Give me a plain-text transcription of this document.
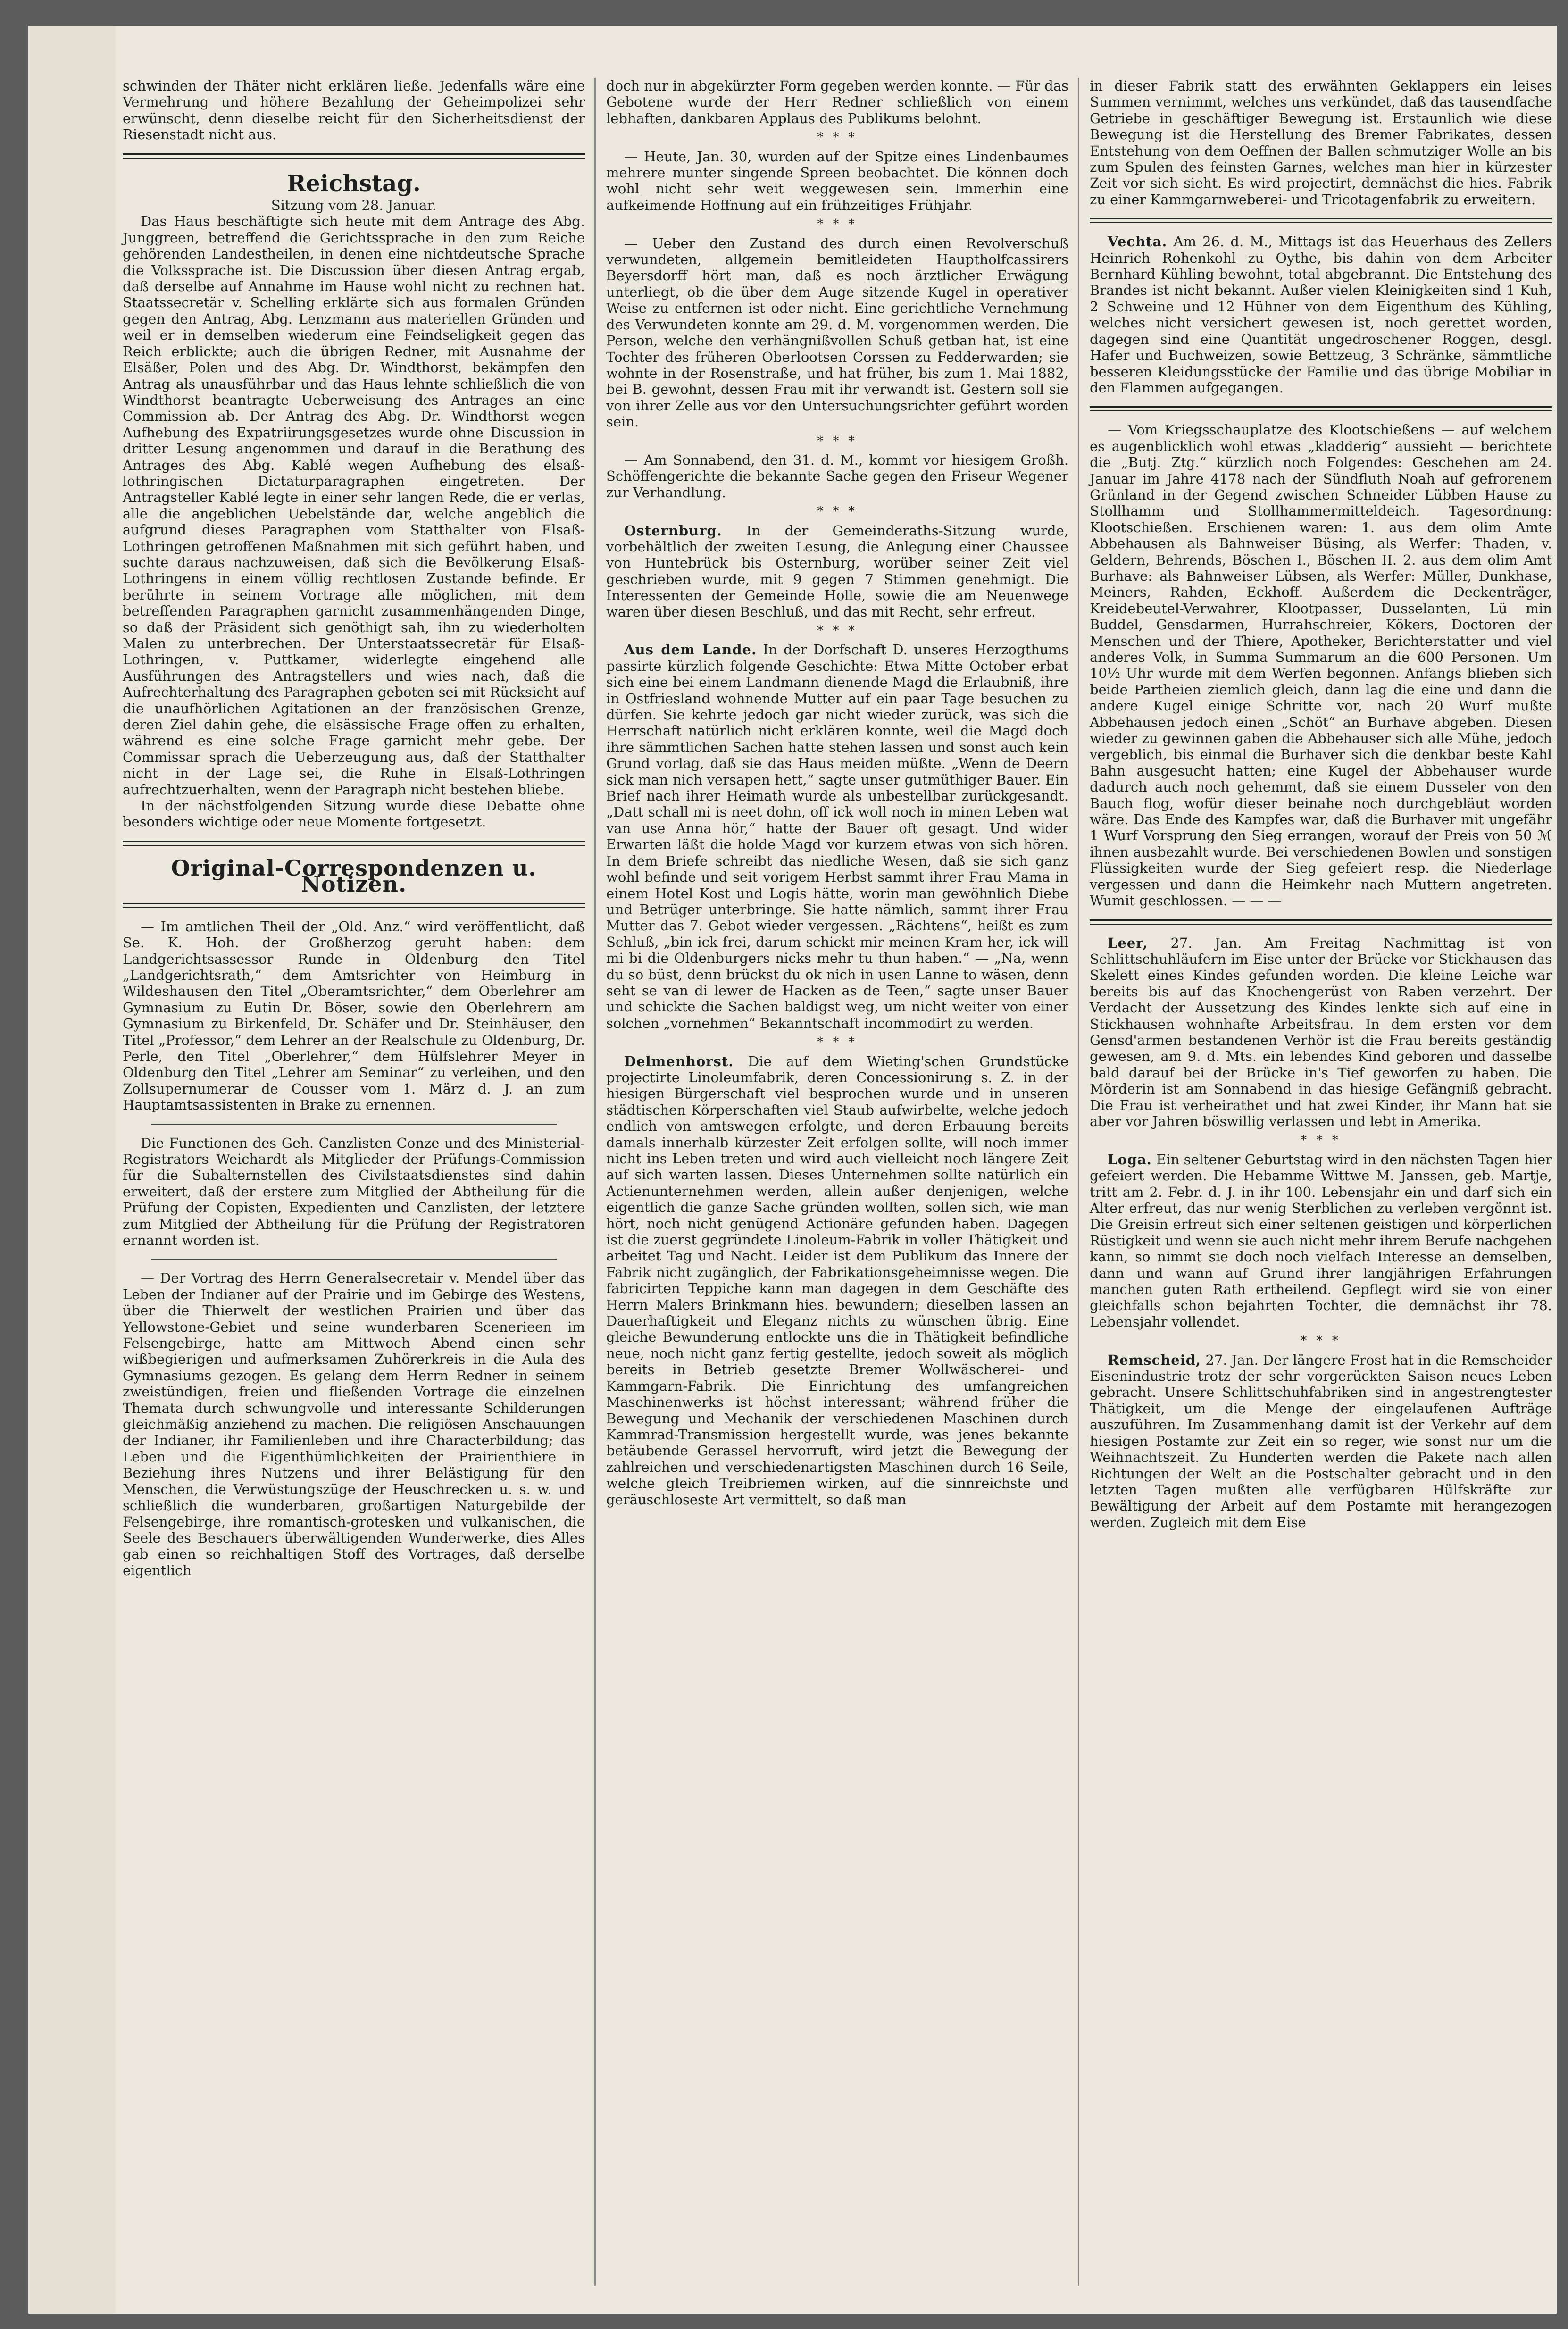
schwinden der Thäter nicht erklären ließe. Jedenfalls wäre eine Vermehrung und höhere Bezahlung der Geheimpolizei sehr erwünscht, denn dieselbe reicht für den Sicherheitsdienst der Riesenstadt nicht aus.

Reichstag.

Sitzung vom 28. Januar.

Das Haus beschäftigte sich heute mit dem Antrage des Abg. Junggreen, betreffend die Gerichtssprache in den zum Reiche gehörenden Landestheilen, in denen eine nichtdeutsche Sprache die Volkssprache ist. Die Discussion über diesen Antrag ergab, daß derselbe auf Annahme im Hause wohl nicht zu rechnen hat. Staatssecretär v. Schelling erklärte sich aus formalen Gründen gegen den Antrag, Abg. Lenzmann aus materiellen Gründen und weil er in demselben wiederum eine Feindseligkeit gegen das Reich erblickte; auch die übrigen Redner, mit Ausnahme der Elsäßer, Polen und des Abg. Dr. Windthorst, bekämpfen den Antrag als unausführbar und das Haus lehnte schließlich die von Windthorst beantragte Ueberweisung des Antrages an eine Commission ab. Der Antrag des Abg. Dr. Windthorst wegen Aufhebung des Expatriirungsgesetzes wurde ohne Discussion in dritter Lesung angenommen und darauf in die Berathung des Antrages des Abg. Kablé wegen Aufhebung des elsaß-lothringischen Dictaturparagraphen eingetreten. Der Antragsteller Kablé legte in einer sehr langen Rede, die er verlas, alle die angeblichen Uebelstände dar, welche angeblich die aufgrund dieses Paragraphen vom Statthalter von Elsaß-Lothringen getroffenen Maßnahmen mit sich geführt haben, und suchte daraus nachzuweisen, daß sich die Bevölkerung Elsaß-Lothringens in einem völlig rechtlosen Zustande befinde. Er berührte in seinem Vortrage alle möglichen, mit dem betreffenden Paragraphen garnicht zusammenhängenden Dinge, so daß der Präsident sich genöthigt sah, ihn zu wiederholten Malen zu unterbrechen. Der Unterstaatssecretär für Elsaß-Lothringen, v. Puttkamer, widerlegte eingehend alle Ausführungen des Antragstellers und wies nach, daß die Aufrechterhaltung des Paragraphen geboten sei mit Rücksicht auf die unaufhörlichen Agitationen an der französischen Grenze, deren Ziel dahin gehe, die elsässische Frage offen zu erhalten, während es eine solche Frage garnicht mehr gebe. Der Commissar sprach die Ueberzeugung aus, daß der Statthalter nicht in der Lage sei, die Ruhe in Elsaß-Lothringen aufrechtzuerhalten, wenn der Paragraph nicht bestehen bliebe.

In der nächstfolgenden Sitzung wurde diese Debatte ohne besonders wichtige oder neue Momente fortgesetzt.

Original-Correspondenzen u. Notizen.

— Im amtlichen Theil der „Old. Anz.“ wird veröffentlicht, daß Se. K. Hoh. der Großherzog geruht haben: dem Landgerichtsassessor Runde in Oldenburg den Titel „Landgerichtsrath,“ dem Amtsrichter von Heimburg in Wildeshausen den Titel „Oberamtsrichter,“ dem Oberlehrer am Gymnasium zu Eutin Dr. Böser, sowie den Oberlehrern am Gymnasium zu Birkenfeld, Dr. Schäfer und Dr. Steinhäuser, den Titel „Professor,“ dem Lehrer an der Realschule zu Oldenburg, Dr. Perle, den Titel „Oberlehrer,“ dem Hülfslehrer Meyer in Oldenburg den Titel „Lehrer am Seminar“ zu verleihen, und den Zollsupernumerar de Cousser vom 1. März d. J. an zum Hauptamtsassistenten in Brake zu ernennen.

Die Functionen des Geh. Canzlisten Conze und des Ministerial-Registrators Weichardt als Mitglieder der Prüfungs-Commission für die Subalternstellen des Civilstaatsdienstes sind dahin erweitert, daß der erstere zum Mitglied der Abtheilung für die Prüfung der Copisten, Expedienten und Canzlisten, der letztere zum Mitglied der Abtheilung für die Prüfung der Registratoren ernannt worden ist.

— Der Vortrag des Herrn Generalsecretair v. Mendel über das Leben der Indianer auf der Prairie und im Gebirge des Westens, über die Thierwelt der westlichen Prairien und über das Yellowstone-Gebiet und seine wunderbaren Scenerieen im Felsengebirge, hatte am Mittwoch Abend einen sehr wißbegierigen und aufmerksamen Zuhörerkreis in die Aula des Gymnasiums gezogen. Es gelang dem Herrn Redner in seinem zweistündigen, freien und fließenden Vortrage die einzelnen Themata durch schwungvolle und interessante Schilderungen gleichmäßig anziehend zu machen. Die religiösen Anschauungen der Indianer, ihr Familienleben und ihre Characterbildung; das Leben und die Eigenthümlichkeiten der Prairienthiere in Beziehung ihres Nutzens und ihrer Belästigung für den Menschen, die Verwüstungszüge der Heuschrecken u. s. w. und schließlich die wunderbaren, großartigen Naturgebilde der Felsengebirge, ihre romantisch-grotesken und vulkanischen, die Seele des Beschauers überwältigenden Wunderwerke, dies Alles gab einen so reichhaltigen Stoff des Vortrages, daß derselbe eigentlich

doch nur in abgekürzter Form gegeben werden konnte. — Für das Gebotene wurde der Herr Redner schließlich von einem lebhaften, dankbaren Applaus des Publikums belohnt.

* * *

— Heute, Jan. 30, wurden auf der Spitze eines Lindenbaumes mehrere munter singende Spreen beobachtet. Die können doch wohl nicht sehr weit weggewesen sein. Immerhin eine aufkeimende Hoffnung auf ein frühzeitiges Frühjahr.

* * *

— Ueber den Zustand des durch einen Revolverschuß verwundeten, allgemein bemitleideten Hauptholfcassirers Beyersdorff hört man, daß es noch ärztlicher Erwägung unterliegt, ob die über dem Auge sitzende Kugel in operativer Weise zu entfernen ist oder nicht. Eine gerichtliche Vernehmung des Verwundeten konnte am 29. d. M. vorgenommen werden. Die Person, welche den verhängnißvollen Schuß getban hat, ist eine Tochter des früheren Oberlootsen Corssen zu Fedderwarden; sie wohnte in der Rosenstraße, und hat früher, bis zum 1. Mai 1882, bei B. gewohnt, dessen Frau mit ihr verwandt ist. Gestern soll sie von ihrer Zelle aus vor den Untersuchungsrichter geführt worden sein.

* * *

— Am Sonnabend, den 31. d. M., kommt vor hiesigem Großh. Schöffengerichte die bekannte Sache gegen den Friseur Wegener zur Verhandlung.

* * *

Osternburg. In der Gemeinderaths-Sitzung wurde, vorbehältlich der zweiten Lesung, die Anlegung einer Chaussee von Huntebrück bis Osternburg, worüber seiner Zeit viel geschrieben wurde, mit 9 gegen 7 Stimmen genehmigt. Die Interessenten der Gemeinde Holle, sowie die am Neuenwege waren über diesen Beschluß, und das mit Recht, sehr erfreut.

* * *

Aus dem Lande. In der Dorfschaft D. unseres Herzogthums passirte kürzlich folgende Geschichte: Etwa Mitte October erbat sich eine bei einem Landmann dienende Magd die Erlaubniß, ihre in Ostfriesland wohnende Mutter auf ein paar Tage besuchen zu dürfen. Sie kehrte jedoch gar nicht wieder zurück, was sich die Herrschaft natürlich nicht erklären konnte, weil die Magd doch ihre sämmtlichen Sachen hatte stehen lassen und sonst auch kein Grund vorlag, daß sie das Haus meiden müßte. „Wenn de Deern sick man nich versapen hett,“ sagte unser gutmüthiger Bauer. Ein Brief nach ihrer Heimath wurde als unbestellbar zurückgesandt. „Datt schall mi is neet dohn, off ick woll noch in minen Leben wat van use Anna hör,“ hatte der Bauer oft gesagt. Und wider Erwarten läßt die holde Magd vor kurzem etwas von sich hören. In dem Briefe schreibt das niedliche Wesen, daß sie sich ganz wohl befinde und seit vorigem Herbst sammt ihrer Frau Mama in einem Hotel Kost und Logis hätte, worin man gewöhnlich Diebe und Betrüger unterbringe. Sie hatte nämlich, sammt ihrer Frau Mutter das 7. Gebot wieder vergessen. „Rächtens“, heißt es zum Schluß, „bin ick frei, darum schickt mir meinen Kram her, ick will mi bi die Oldenburgers nicks mehr tu thun haben.“ — „Na, wenn du so büst, denn brückst du ok nich in usen Lanne to wäsen, denn seht se van di lewer de Hacken as de Teen,“ sagte unser Bauer und schickte die Sachen baldigst weg, um nicht weiter von einer solchen „vornehmen“ Bekanntschaft incommodirt zu werden.

* * *

Delmenhorst. Die auf dem Wieting'schen Grundstücke projectirte Linoleumfabrik, deren Concessionirung s. Z. in der hiesigen Bürgerschaft viel besprochen wurde und in unseren städtischen Körperschaften viel Staub aufwirbelte, welche jedoch endlich von amtswegen erfolgte, und deren Erbauung bereits damals innerhalb kürzester Zeit erfolgen sollte, will noch immer nicht ins Leben treten und wird auch vielleicht noch längere Zeit auf sich warten lassen. Dieses Unternehmen sollte natürlich ein Actienunternehmen werden, allein außer denjenigen, welche eigentlich die ganze Sache gründen wollten, sollen sich, wie man hört, noch nicht genügend Actionäre gefunden haben. Dagegen ist die zuerst gegründete Linoleum-Fabrik in voller Thätigkeit und arbeitet Tag und Nacht. Leider ist dem Publikum das Innere der Fabrik nicht zugänglich, der Fabrikationsgeheimnisse wegen. Die fabricirten Teppiche kann man dagegen in dem Geschäfte des Herrn Malers Brinkmann hies. bewundern; dieselben lassen an Dauerhaftigkeit und Eleganz nichts zu wünschen übrig. Eine gleiche Bewunderung entlockte uns die in Thätigkeit befindliche neue, noch nicht ganz fertig gestellte, jedoch soweit als möglich bereits in Betrieb gesetzte Bremer Wollwäscherei- und Kammgarn-Fabrik. Die Einrichtung des umfangreichen Maschinenwerks ist höchst interessant; während früher die Bewegung und Mechanik der verschiedenen Maschinen durch Kammrad-Transmission hergestellt wurde, was jenes bekannte betäubende Gerassel hervorruft, wird jetzt die Bewegung der zahlreichen und verschiedenartigsten Maschinen durch 16 Seile, welche gleich Treibriemen wirken, auf die sinnreichste und geräuschloseste Art vermittelt, so daß man

in dieser Fabrik statt des erwähnten Geklappers ein leises Summen vernimmt, welches uns verkündet, daß das tausendfache Getriebe in geschäftiger Bewegung ist. Erstaunlich wie diese Bewegung ist die Herstellung des Bremer Fabrikates, dessen Entstehung von dem Oeffnen der Ballen schmutziger Wolle an bis zum Spulen des feinsten Garnes, welches man hier in kürzester Zeit vor sich sieht. Es wird projectirt, demnächst die hies. Fabrik zu einer Kammgarnweberei- und Tricotagenfabrik zu erweitern.

Vechta. Am 26. d. M., Mittags ist das Heuerhaus des Zellers Heinrich Rohenkohl zu Oythe, bis dahin von dem Arbeiter Bernhard Kühling bewohnt, total abgebrannt. Die Entstehung des Brandes ist nicht bekannt. Außer vielen Kleinigkeiten sind 1 Kuh, 2 Schweine und 12 Hühner von dem Eigenthum des Kühling, welches nicht versichert gewesen ist, noch gerettet worden, dagegen sind eine Quantität ungedroschener Roggen, desgl. Hafer und Buchweizen, sowie Bettzeug, 3 Schränke, sämmtliche besseren Kleidungsstücke der Familie und das übrige Mobiliar in den Flammen aufgegangen.

— Vom Kriegsschauplatze des Klootschießens — auf welchem es augenblicklich wohl etwas „kladderig“ aussieht — berichtete die „Butj. Ztg.“ kürzlich noch Folgendes: Geschehen am 24. Januar im Jahre 4178 nach der Sündfluth Noah auf gefrorenem Grünland in der Gegend zwischen Schneider Lübben Hause zu Stollhamm und Stollhammermitteldeich. Tagesordnung: Klootschießen. Erschienen waren: 1. aus dem olim Amte Abbehausen als Bahnweiser Büsing, als Werfer: Thaden, v. Geldern, Behrends, Böschen I., Böschen II. 2. aus dem olim Amt Burhave: als Bahnweiser Lübsen, als Werfer: Müller, Dunkhase, Meiners, Rahden, Eckhoff. Außerdem die Deckenträger, Kreidebeutel-Verwahrer, Klootpasser, Dusselanten, Lü min Buddel, Gensdarmen, Hurrahschreier, Kökers, Doctoren der Menschen und der Thiere, Apotheker, Berichterstatter und viel anderes Volk, in Summa Summarum an die 600 Personen. Um 10½ Uhr wurde mit dem Werfen begonnen. Anfangs blieben sich beide Partheien ziemlich gleich, dann lag die eine und dann die andere Kugel einige Schritte vor, nach 20 Wurf mußte Abbehausen jedoch einen „Schöt“ an Burhave abgeben. Diesen wieder zu gewinnen gaben die Abbehauser sich alle Mühe, jedoch vergeblich, bis einmal die Burhaver sich die denkbar beste Kahl Bahn ausgesucht hatten; eine Kugel der Abbehauser wurde dadurch auch noch gehemmt, daß sie einem Dusseler von den Bauch flog, wofür dieser beinahe noch durchgebläut worden wäre. Das Ende des Kampfes war, daß die Burhaver mit ungefähr 1 Wurf Vorsprung den Sieg errangen, worauf der Preis von 50 ℳ ihnen ausbezahlt wurde. Bei verschiedenen Bowlen und sonstigen Flüssigkeiten wurde der Sieg gefeiert resp. die Niederlage vergessen und dann die Heimkehr nach Muttern angetreten. Wumit geschlossen. — — —

Leer, 27. Jan. Am Freitag Nachmittag ist von Schlittschuhläufern im Eise unter der Brücke vor Stickhausen das Skelett eines Kindes gefunden worden. Die kleine Leiche war bereits bis auf das Knochengerüst von Raben verzehrt. Der Verdacht der Aussetzung des Kindes lenkte sich auf eine in Stickhausen wohnhafte Arbeitsfrau. In dem ersten vor dem Gensd'armen bestandenen Verhör ist die Frau bereits geständig gewesen, am 9. d. Mts. ein lebendes Kind geboren und dasselbe bald darauf bei der Brücke in's Tief geworfen zu haben. Die Mörderin ist am Sonnabend in das hiesige Gefängniß gebracht. Die Frau ist verheirathet und hat zwei Kinder, ihr Mann hat sie aber vor Jahren böswillig verlassen und lebt in Amerika.

* * *

Loga. Ein seltener Geburtstag wird in den nächsten Tagen hier gefeiert werden. Die Hebamme Wittwe M. Janssen, geb. Martje, tritt am 2. Febr. d. J. in ihr 100. Lebensjahr ein und darf sich ein Alter erfreut, das nur wenig Sterblichen zu verleben vergönnt ist. Die Greisin erfreut sich einer seltenen geistigen und körperlichen Rüstigkeit und wenn sie auch nicht mehr ihrem Berufe nachgehen kann, so nimmt sie doch noch vielfach Interesse an demselben, dann und wann auf Grund ihrer langjährigen Erfahrungen manchen guten Rath ertheilend. Gepflegt wird sie von einer gleichfalls schon bejahrten Tochter, die demnächst ihr 78. Lebensjahr vollendet.

* * *

Remscheid, 27. Jan. Der längere Frost hat in die Remscheider Eisenindustrie trotz der sehr vorgerückten Saison neues Leben gebracht. Unsere Schlittschuhfabriken sind in angestrengtester Thätigkeit, um die Menge der eingelaufenen Aufträge auszuführen. Im Zusammenhang damit ist der Verkehr auf dem hiesigen Postamte zur Zeit ein so reger, wie sonst nur um die Weihnachtszeit. Zu Hunderten werden die Pakete nach allen Richtungen der Welt an die Postschalter gebracht und in den letzten Tagen mußten alle verfügbaren Hülfskräfte zur Bewältigung der Arbeit auf dem Postamte mit herangezogen werden. Zugleich mit dem Eise
